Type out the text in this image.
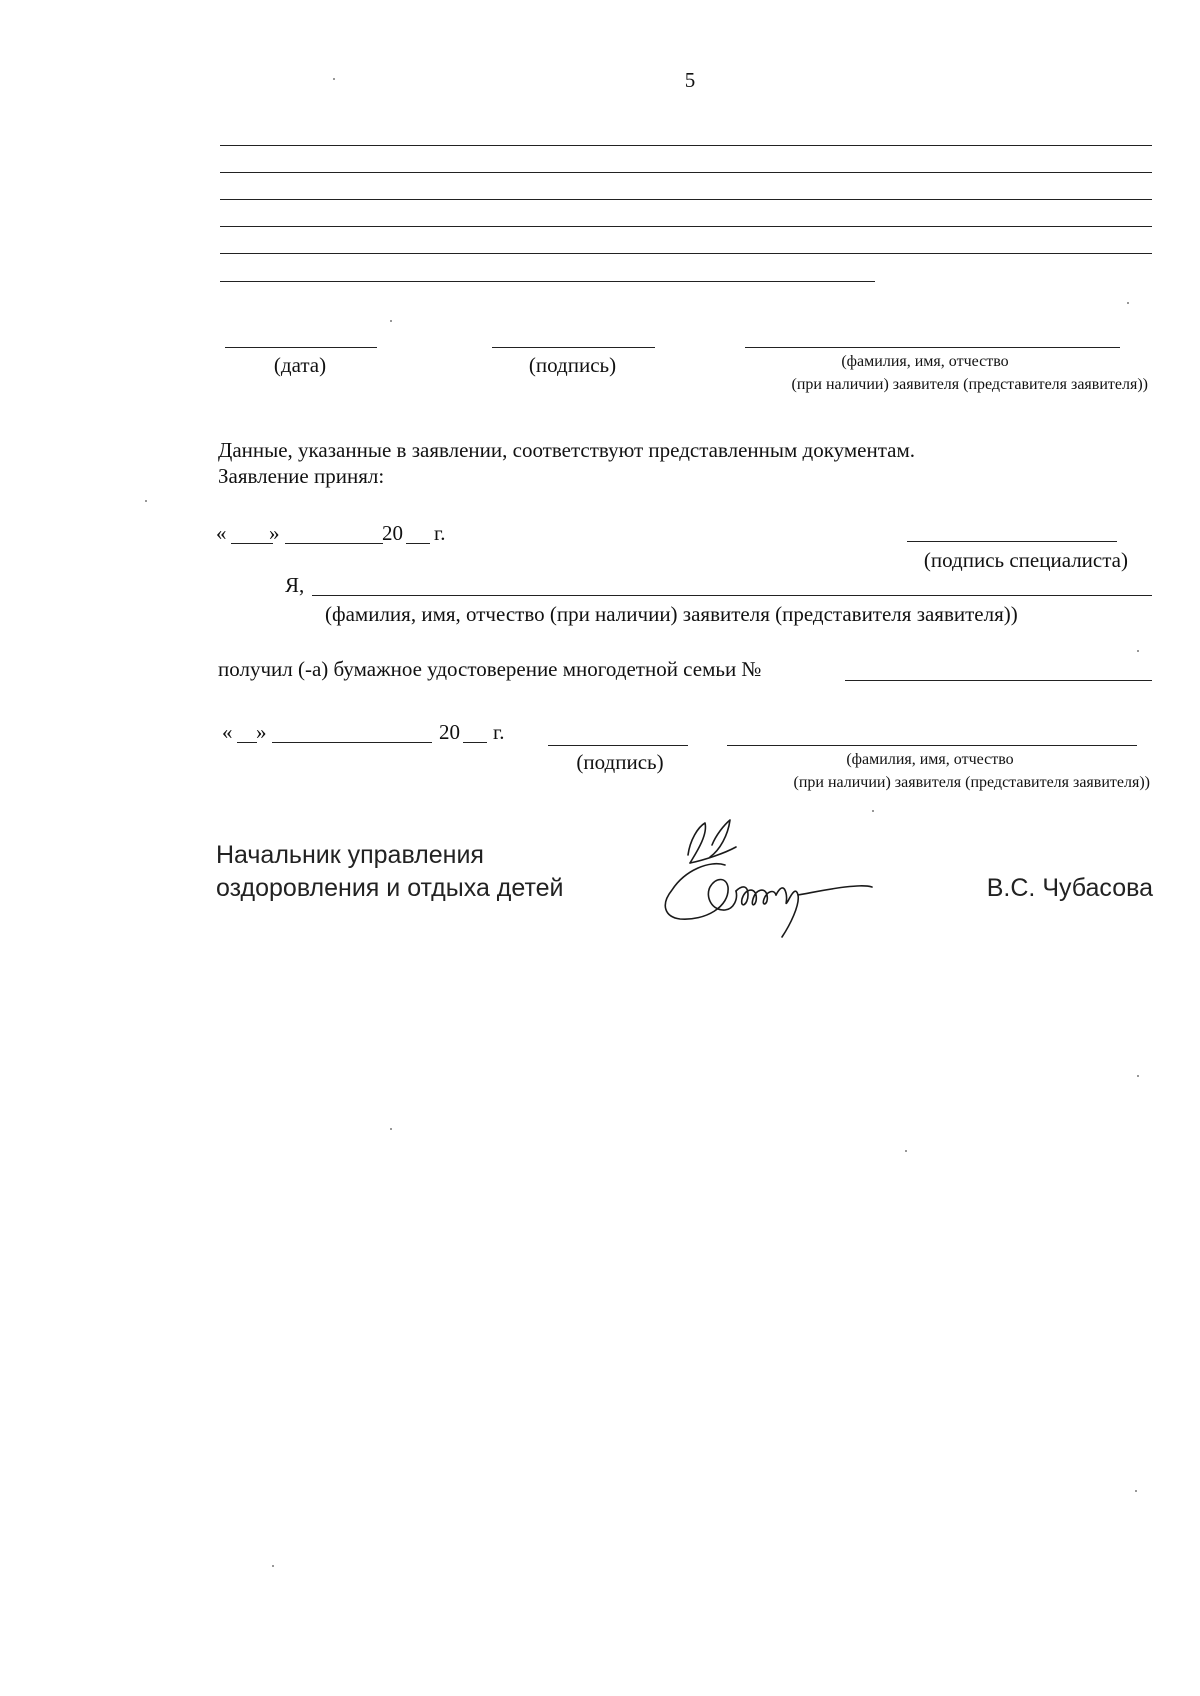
5
(дата)	(подпись)	(фамилия, имя, отчество
(при наличии) заявителя (представителя заявителя))
Данные, указанные в заявлении, соответствуют представленным документам.
Заявление принял:
« »	20 г.
(подпись специалиста)
Я,
(фамилия, имя, отчество (при наличии) заявителя (представителя заявителя))
получил (-а) бумажное удостоверение многодетной семьи №
« »	20 г.
(подпись)	(фамилия, имя, отчество
(при наличии) заявителя (представителя заявителя))
Начальник управления
оздоровления и отдыха детей	В.С. Чубасова
